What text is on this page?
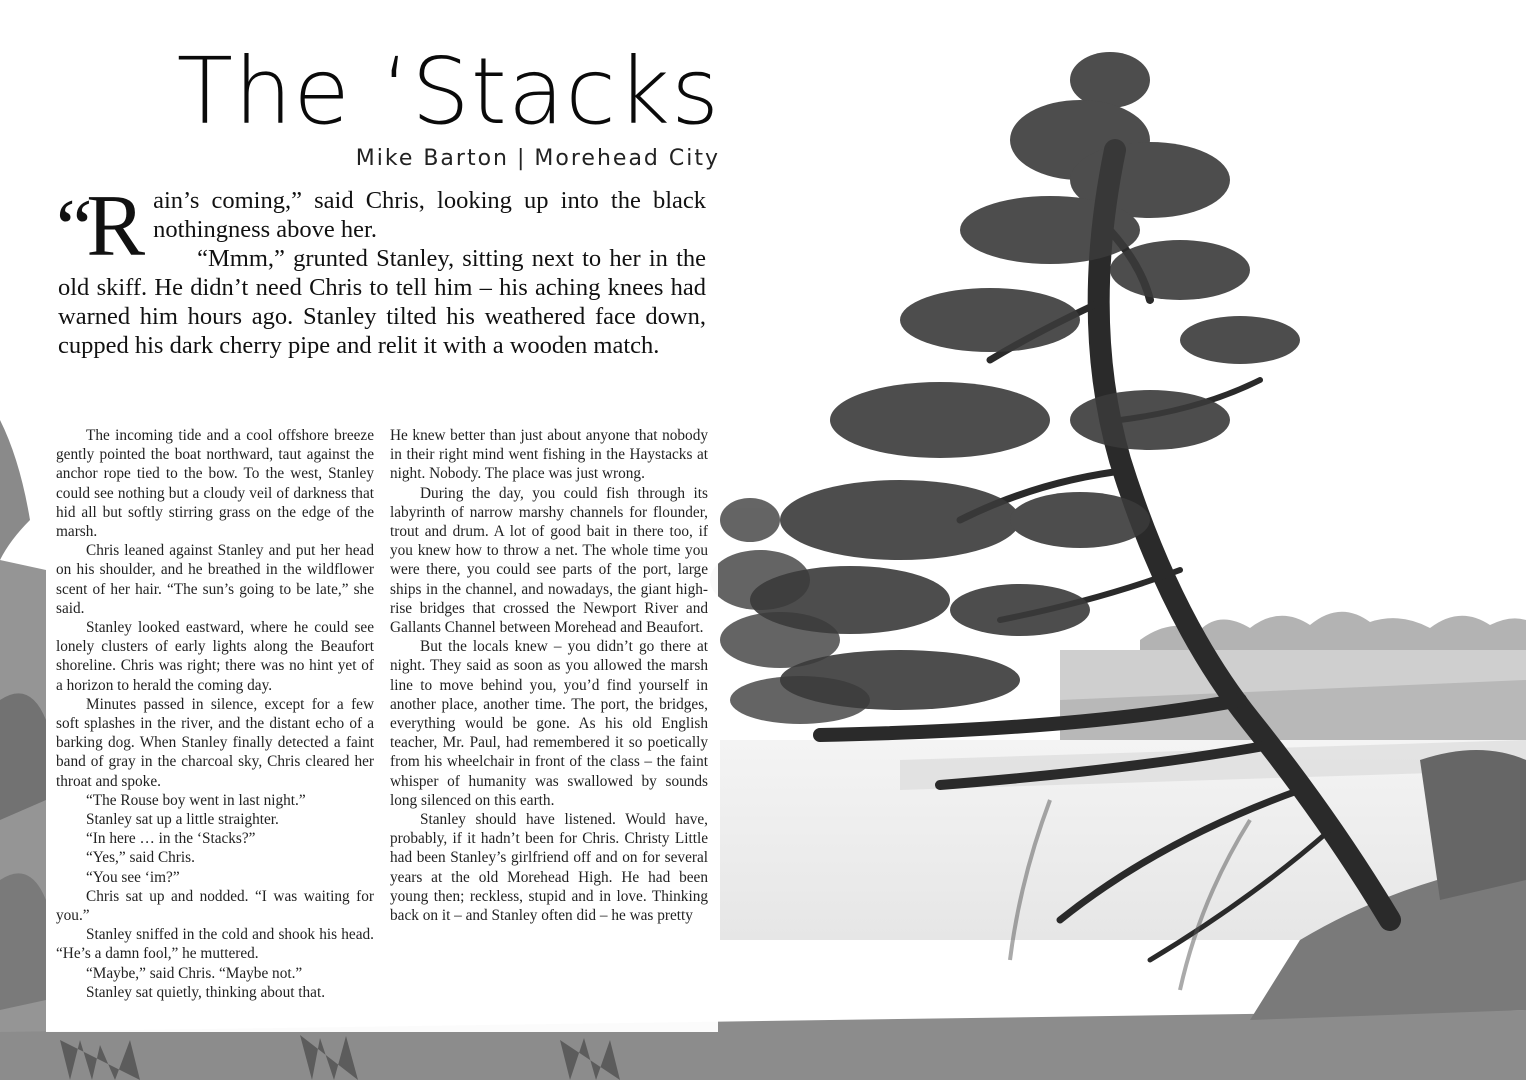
The ‘Stacks
Mike Barton | Morehead City
“R ain’s coming,” said Chris, looking up into the black nothingness above her.
“Mmm,” grunted Stanley, sitting next to her in the old skiff. He didn’t need Chris to tell him – his aching knees had warned him hours ago. Stanley tilted his weathered face down, cupped his dark cherry pipe and relit it with a wooden match.

The incoming tide and a cool offshore breeze gently pointed the boat northward, taut against the anchor rope tied to the bow. To the west, Stanley could see nothing but a cloudy veil of darkness that hid all but softly stirring grass on the edge of the marsh.

Chris leaned against Stanley and put her head on his shoulder, and he breathed in the wildflower scent of her hair. “The sun’s going to be late,” she said.

Stanley looked eastward, where he could see lonely clusters of early lights along the Beaufort shoreline. Chris was right; there was no hint yet of a horizon to herald the coming day.

Minutes passed in silence, except for a few soft splashes in the river, and the distant echo of a barking dog. When Stanley finally detected a faint band of gray in the charcoal sky, Chris cleared her throat and spoke.

“The Rouse boy went in last night.”

Stanley sat up a little straighter.

“In here … in the ‘Stacks?”

“Yes,” said Chris.

“You see ‘im?”

Chris sat up and nodded. “I was waiting for you.”

Stanley sniffed in the cold and shook his head. “He’s a damn fool,” he muttered.

“Maybe,” said Chris. “Maybe not.”

Stanley sat quietly, thinking about that.

He knew better than just about anyone that nobody in their right mind went fishing in the Haystacks at night. Nobody. The place was just wrong.

During the day, you could fish through its labyrinth of narrow marshy channels for flounder, trout and drum. A lot of good bait in there too, if you knew how to throw a net. The whole time you were there, you could see parts of the port, large ships in the channel, and nowadays, the giant high-rise bridges that crossed the Newport River and Gallants Channel between Morehead and Beaufort.

But the locals knew – you didn’t go there at night. They said as soon as you allowed the marsh line to move behind you, you’d find yourself in another place, another time. The port, the bridges, everything would be gone. As his old English teacher, Mr. Paul, had remembered it so poetically from his wheelchair in front of the class – the faint whisper of humanity was swallowed by sounds long silenced on this earth.

Stanley should have listened. Would have, probably, if it hadn’t been for Chris. Christy Little had been Stanley’s girlfriend off and on for several years at the old Morehead High. He had been young then; reckless, stupid and in love. Thinking back on it – and Stanley often did – he was pretty
